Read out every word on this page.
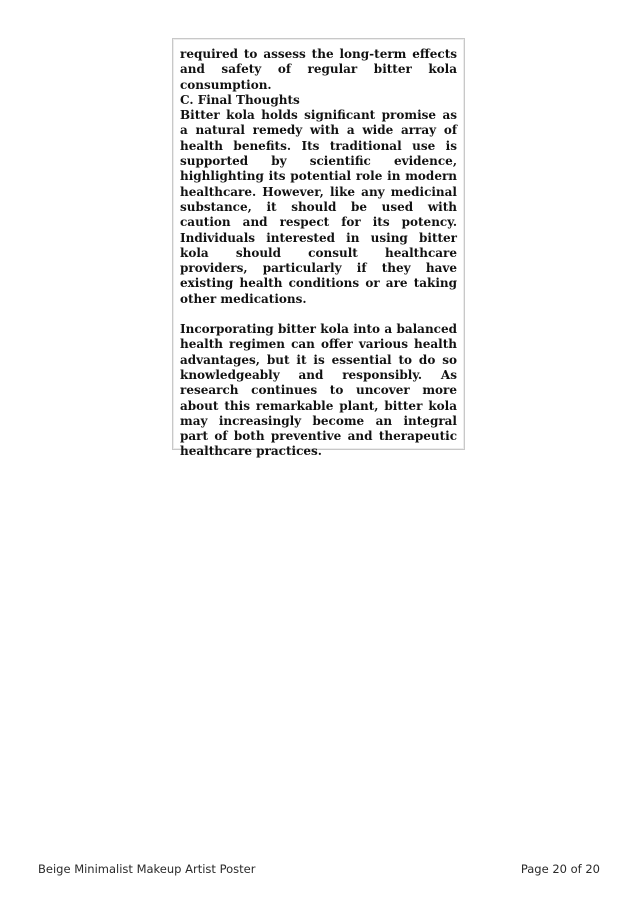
required to assess the long-term effects and safety of regular bitter kola consumption.

C. Final Thoughts

Bitter kola holds significant promise as a natural remedy with a wide array of health benefits. Its traditional use is supported by scientific evidence, highlighting its potential role in modern healthcare. However, like any medicinal substance, it should be used with caution and respect for its potency. Individuals interested in using bitter kola should consult healthcare providers, particularly if they have existing health conditions or are taking other medications.

Incorporating bitter kola into a balanced health regimen can offer various health advantages, but it is essential to do so knowledgeably and responsibly. As research continues to uncover more about this remarkable plant, bitter kola may increasingly become an integral part of both preventive and therapeutic healthcare practices.

Beige Minimalist Makeup Artist Poster	Page 20 of 20
